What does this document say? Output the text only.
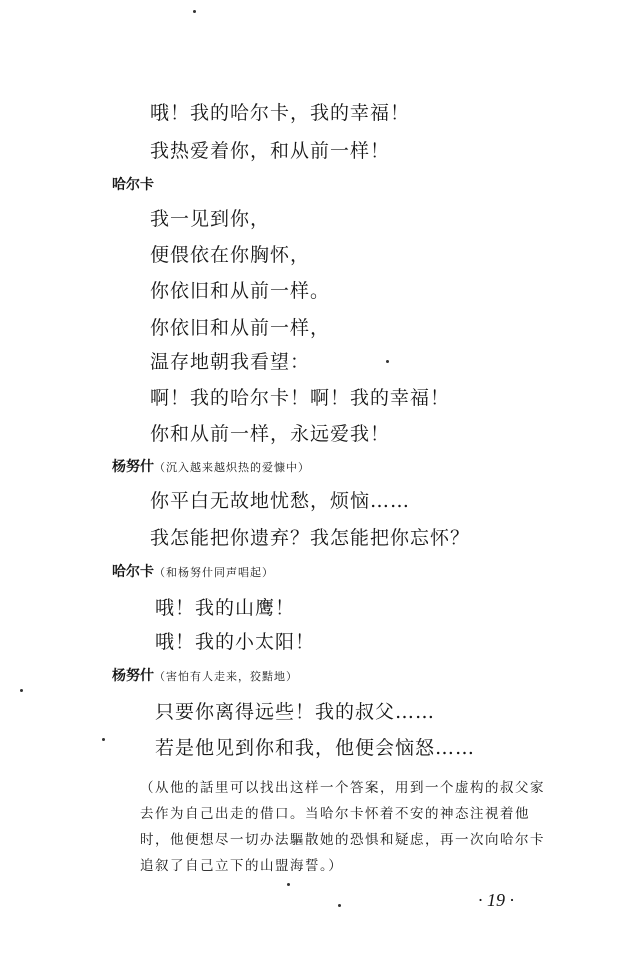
哦！我的哈尔卡，我的幸福！
我热爱着你，和从前一样！
哈尔卡
我一见到你，
便偎依在你胸怀，
你依旧和从前一样。
你依旧和从前一样，
温存地朝我看望：
啊！我的哈尔卡！啊！我的幸福！
你和从前一样，永远爱我！
杨努什（沉入越来越炽热的爱慷中）
你平白无故地忧愁，烦恼……
我怎能把你遗弃？我怎能把你忘怀？
哈尔卡（和杨努什同声唱起）
哦！我的山鹰！
哦！我的小太阳！
杨努什（害怕有人走来，狡黠地）
只要你离得远些！我的叔父……
若是他见到你和我，他便会恼怒……
（从他的話里可以找出这样一个答案，用到一个虚构的叔父家
去作为自己出走的借口。当哈尔卡怀着不安的神态注視着他
时，他便想尽一切办法驅散她的恐惧和疑虑，再一次向哈尔卡
追叙了自己立下的山盟海誓。）
· 19 ·
